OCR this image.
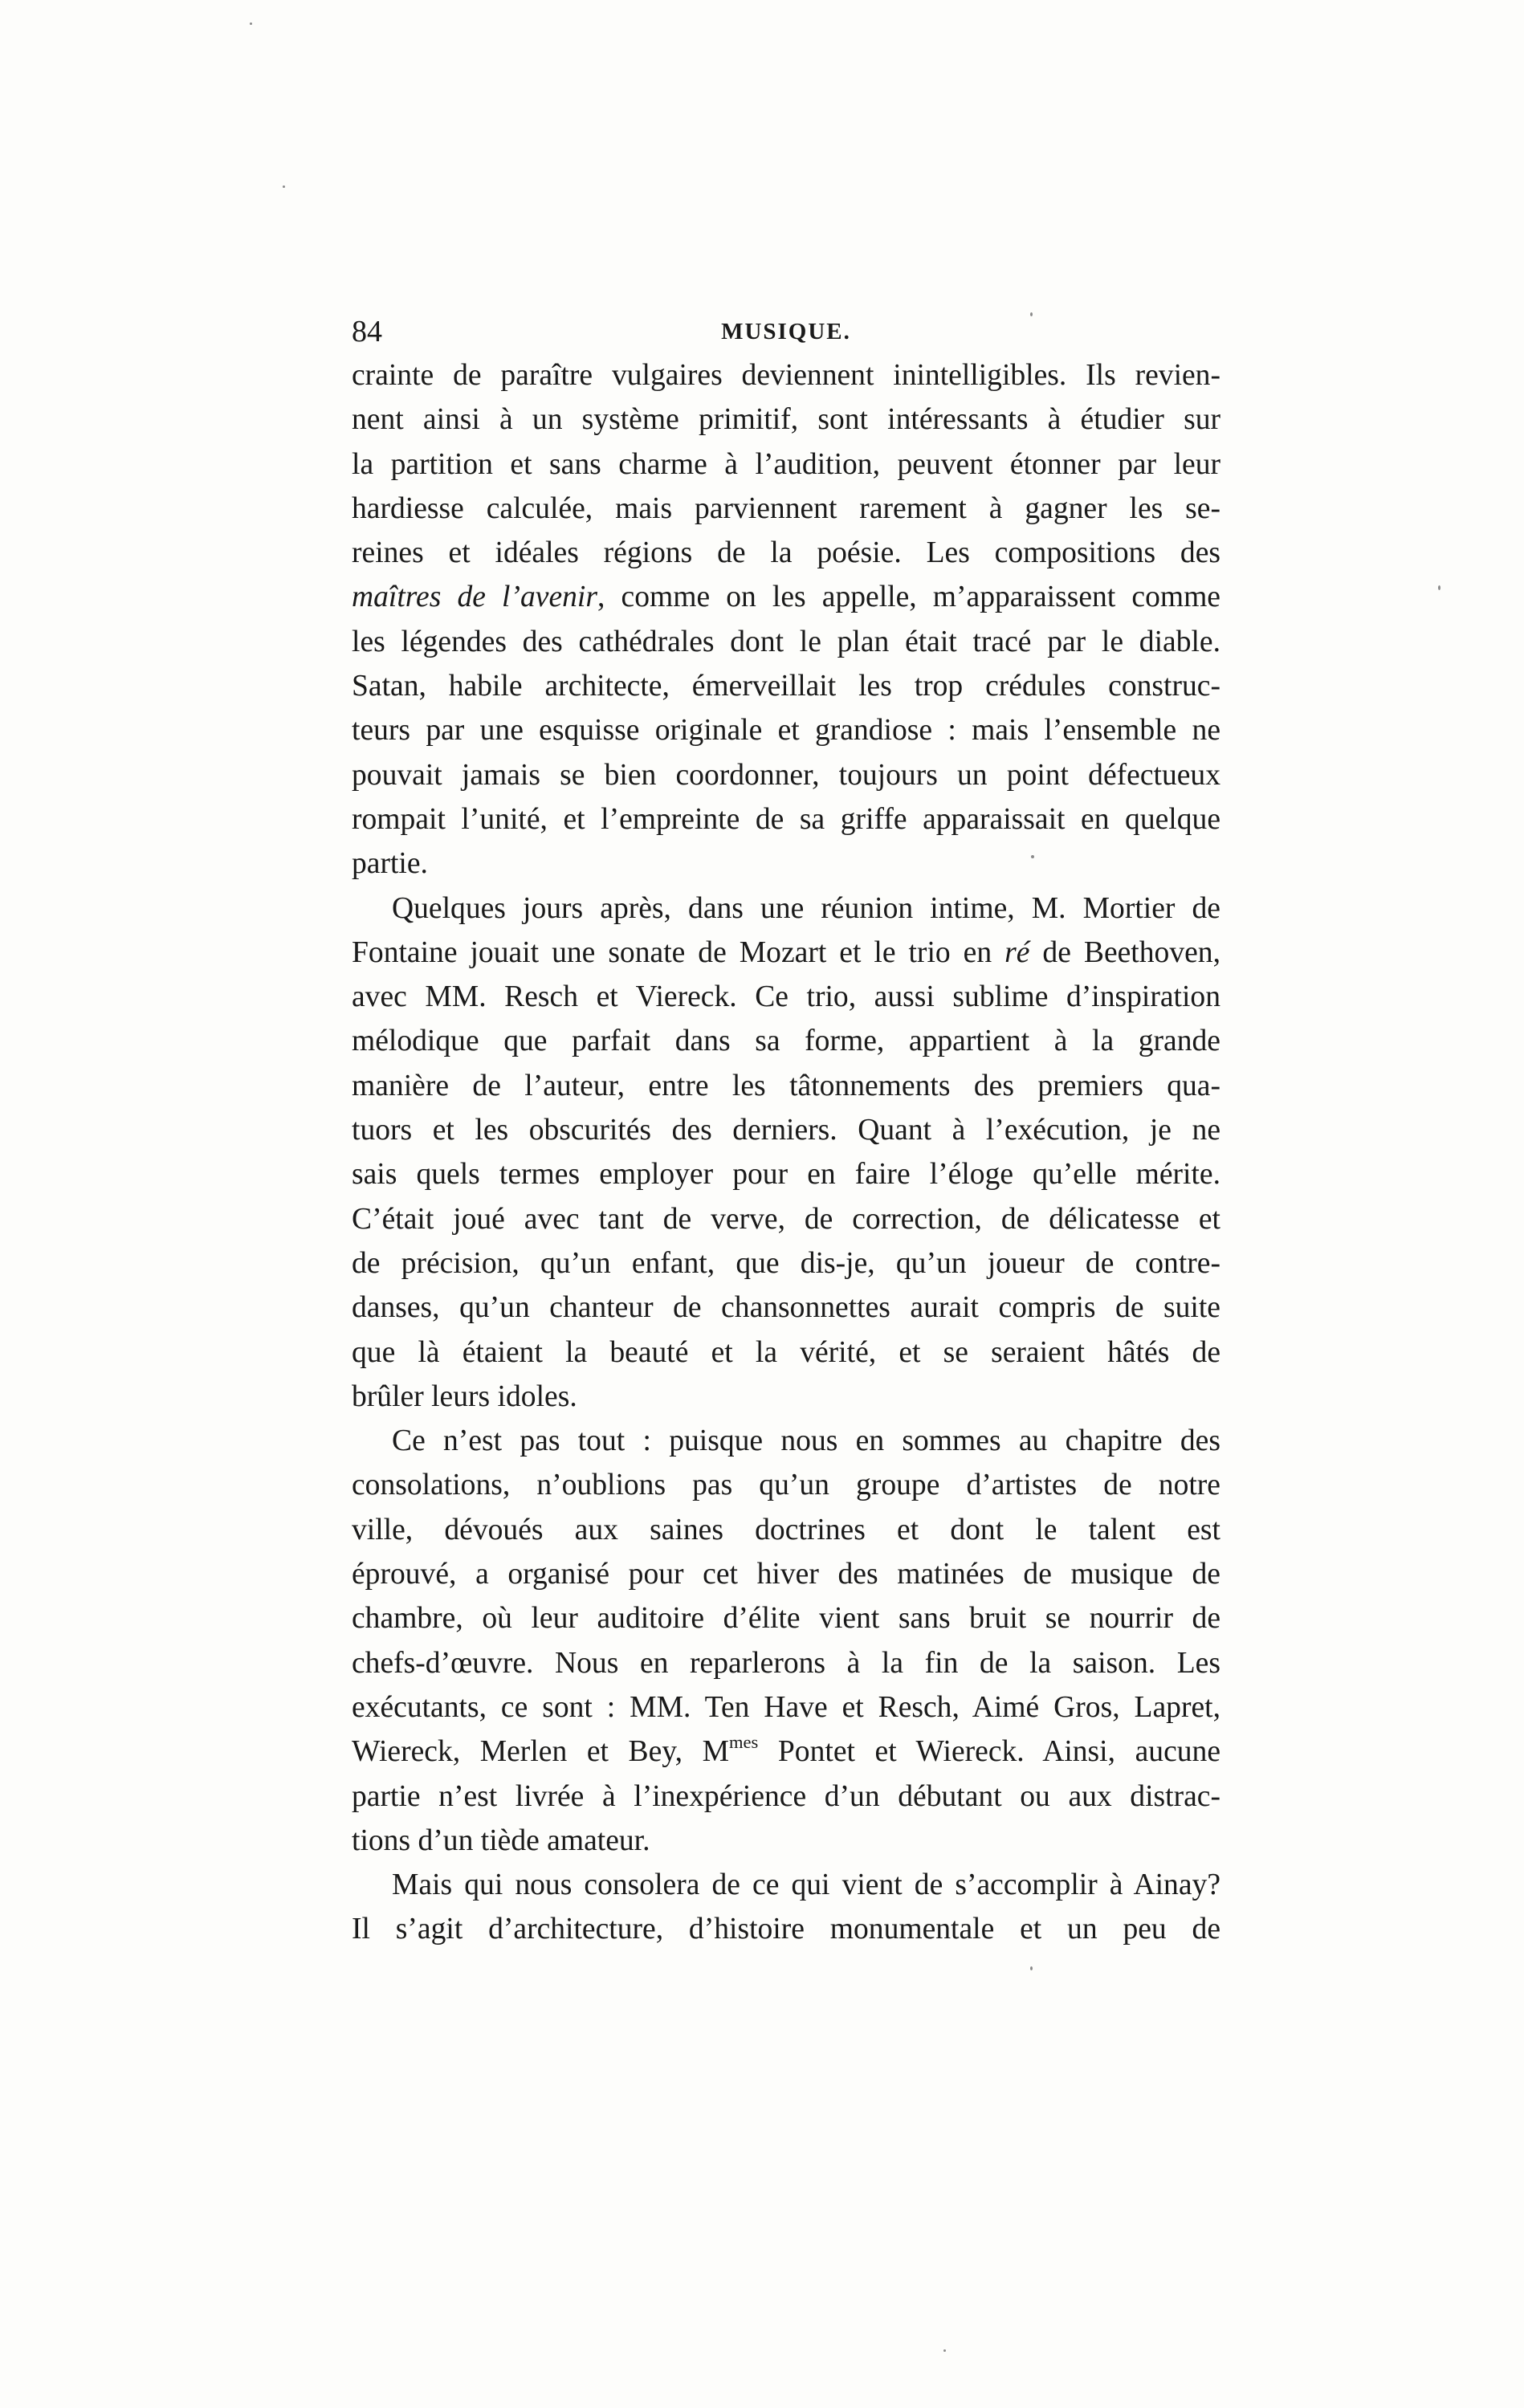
84	MUSIQUE.
crainte de paraître vulgaires deviennent inintelligibles. Ils revien-
nent ainsi à un système primitif, sont intéressants à étudier sur
la partition et sans charme à l’audition, peuvent étonner par leur
hardiesse calculée, mais parviennent rarement à gagner les se-
reines et idéales régions de la poésie. Les compositions des
maîtres de l’avenir, comme on les appelle, m’apparaissent comme
les légendes des cathédrales dont le plan était tracé par le diable.
Satan, habile architecte, émerveillait les trop crédules construc-
teurs par une esquisse originale et grandiose : mais l’ensemble ne
pouvait jamais se bien coordonner, toujours un point défectueux
rompait l’unité, et l’empreinte de sa griffe apparaissait en quelque
partie.
Quelques jours après, dans une réunion intime, M. Mortier de
Fontaine jouait une sonate de Mozart et le trio en ré de Beethoven,
avec MM. Resch et Viereck. Ce trio, aussi sublime d’inspiration
mélodique que parfait dans sa forme, appartient à la grande
manière de l’auteur, entre les tâtonnements des premiers qua-
tuors et les obscurités des derniers. Quant à l’exécution, je ne
sais quels termes employer pour en faire l’éloge qu’elle mérite.
C’était joué avec tant de verve, de correction, de délicatesse et
de précision, qu’un enfant, que dis-je, qu’un joueur de contre-
danses, qu’un chanteur de chansonnettes aurait compris de suite
que là étaient la beauté et la vérité, et se seraient hâtés de
brûler leurs idoles.
Ce n’est pas tout : puisque nous en sommes au chapitre des
consolations, n’oublions pas qu’un groupe d’artistes de notre
ville, dévoués aux saines doctrines et dont le talent est
éprouvé, a organisé pour cet hiver des matinées de musique de
chambre, où leur auditoire d’élite vient sans bruit se nourrir de
chefs-d’œuvre. Nous en reparlerons à la fin de la saison. Les
exécutants, ce sont : MM. Ten Have et Resch, Aimé Gros, Lapret,
Wiereck, Merlen et Bey, $M^{mes}$ Pontet et Wiereck. Ainsi, aucune
partie n’est livrée à l’inexpérience d’un débutant ou aux distrac-
tions d’un tiède amateur.
Mais qui nous consolera de ce qui vient de s’accomplir à Ainay?
Il s’agit d’architecture, d’histoire monumentale et un peu de
